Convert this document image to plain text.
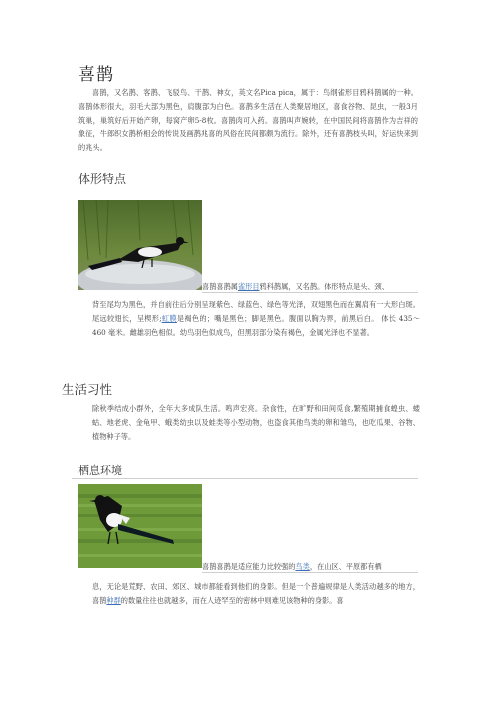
喜鹊

喜鹊，又名鹊、客鹊、飞驳鸟、干鹊、神女，英文名Pica pica，属于：鸟纲雀形目鸦科鹊属的一种。喜鹊体形很大，羽毛大部为黑色，肩腹部为白色。喜鹊多生活在人类聚居地区，喜食谷物、昆虫，一般3月筑巢，巢筑好后开始产卵，每窝产卵5-8枚。喜鹊肉可入药。喜鹊叫声婉转，在中国民间将喜鹊作为吉祥的象征，牛郎织女鹊桥相会的传说及画鹊兆喜的风俗在民间都颇为流行。除外，还有喜鹊枝头叫，好运快来到的兆头。

体形特点
喜鹊喜鹊属雀形目鸦科鹊属，又名鹊。体形特点是头、颈、

背至尾均为黑色，并自前往后分别呈现紫色、绿蓝色、绿色等光泽，双翅黑色而在翼肩有一大形白斑。尾远较翅长，呈楔形;虹膜是褐色的；嘴是黑色；脚是黑色。腹面以胸为界，前黑后白。 体长 435～460 毫米。雌雄羽色相似。幼鸟羽色似成鸟，但黑羽部分染有褐色，金属光泽也不显著。

生活习性

除秋季结成小群外，全年大多成队生活。鸣声宏亮。杂食性，在旷野和田间觅食,繁殖期捕食蝗虫、蝼蛄、地老虎、金龟甲、蛾类幼虫以及蛙类等小型动物，也盗食其他鸟类的卵和雏鸟，也吃瓜果、谷物、植物种子等。

栖息环境
喜鹊喜鹊是适应能力比较强的鸟类，在山区、平原都有栖

息，无论是荒野、农田、郊区、城市都能看到他们的身影。但是一个普遍规律是人类活动越多的地方，喜鹊种群的数量往往也就越多，而在人迹罕至的密林中则难见该物种的身影。喜
